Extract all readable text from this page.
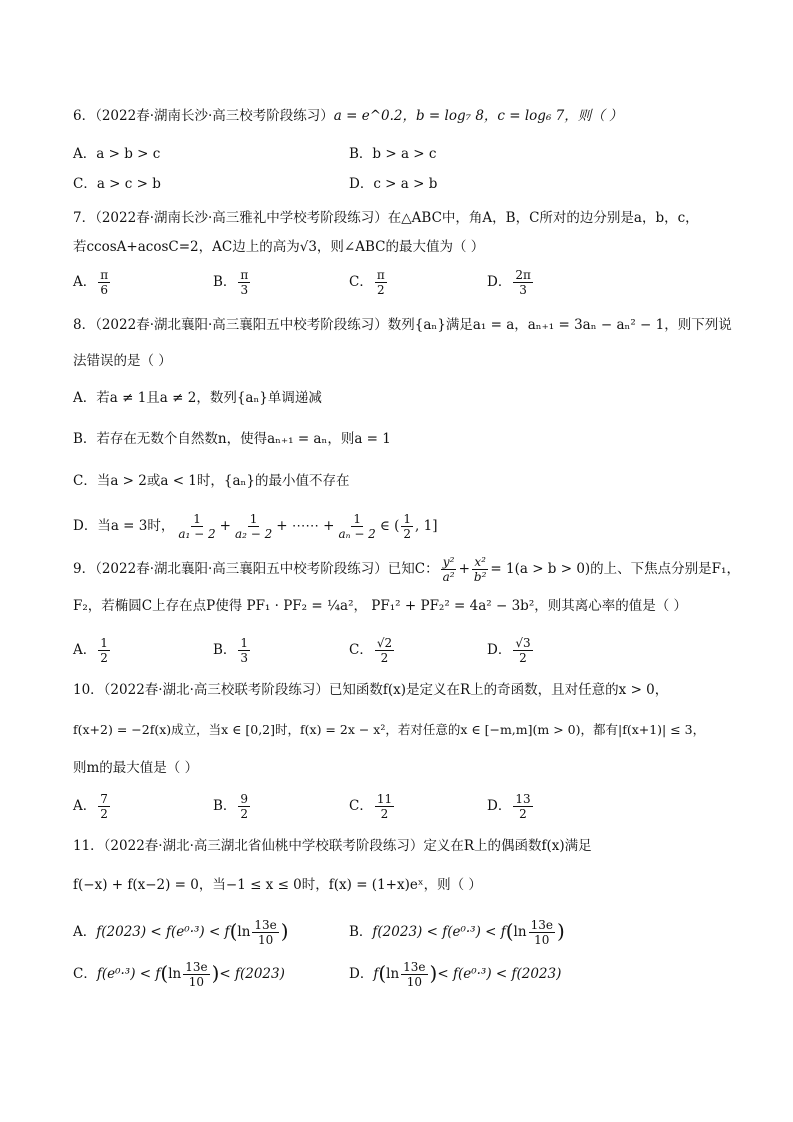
6．（2022春·湖南长沙·高三校考阶段练习）a = e^0.2，b = log₇ 8，c = log₆ 7，则（ ）
A．a > b > c	B．b > a > c
C．a > c > b	D．c > a > b
7．（2022春·湖南长沙·高三雅礼中学校考阶段练习）在△ABC中，角A，B，C所对的边分别是a，b，c，
若ccosA+acosC=2，AC边上的高为√3，则∠ABC的最大值为（ ）
A． $\frac{\pi}{6}$	B． $\frac{\pi}{3}$	C． $\frac{\pi}{2}$	D． $\frac{2\pi}{3}$
8．（2022春·湖北襄阳·高三襄阳五中校考阶段练习）数列{aₙ}满足a₁ = a，aₙ₊₁ = 3aₙ − aₙ² − 1，则下列说
法错误的是（ ）
A．若a ≠ 1且a ≠ 2，数列{aₙ}单调递减
B．若存在无数个自然数n，使得aₙ₊₁ = aₙ，则a = 1
C．当a > 2或a < 1时，{aₙ}的最小值不存在
D．当a = 3时， $\frac{1}{\text{a₁ − 2}} + \frac{1}{\text{a₂ − 2}}$ + ⋯⋯ + $\frac{1}{\text{aₙ − 2}}$ ∈ ( $\frac{1}{2}$ , 1]
9．（2022春·湖北襄阳·高三襄阳五中校考阶段练习）已知C： $\frac{\text{y²}}{\text{a²}} + \frac{\text{x²}}{\text{b²}} = 1(a > b > 0)$的上、下焦点分别是F₁，
F₂，若椭圆C上存在点P使得 PF₁ · PF₂ = ¼a²， PF₁² + PF₂² = 4a² − 3b²，则其离心率的值是（ ）
A． $\frac{1}{2}$	B． $\frac{1}{3}$	C． $\frac{√2}{2}$	D． $\frac{√3}{2}$
10．（2022春·湖北·高三校联考阶段练习）已知函数f(x)是定义在R上的奇函数，且对任意的x > 0，
f(x+2) = −2f(x)成立，当x ∈ [0,2]时，f(x) = 2x − x²，若对任意的x ∈ [−m,m](m > 0)，都有|f(x+1)| ≤ 3，
则m的最大值是（ ）
A． $\frac{7}{2}$	B． $\frac{9}{2}$	C． $\frac{11}{2}$	D． $\frac{13}{2}$
11．（2022春·湖北·高三湖北省仙桃中学校联考阶段练习）定义在R上的偶函数f(x)满足
f(−x) + f(x−2) = 0，当−1 ≤ x ≤ 0时，f(x) = (1+x)eˣ，则（ ）
A．$f(2023) < f(e^0\cdot^3) < f(\ln \frac{13e}{10}$ )	B．$f(2023) < f(e^0\cdot^3) < f(\ln \frac{13e}{10}$ )
C．$f(e^0\cdot^3) < f(\ln \frac{13e}{10}$ )< f(2023)	D．$f(\ln \frac{13e}{10}$ )< f(e⁰·³) < f(2023)
